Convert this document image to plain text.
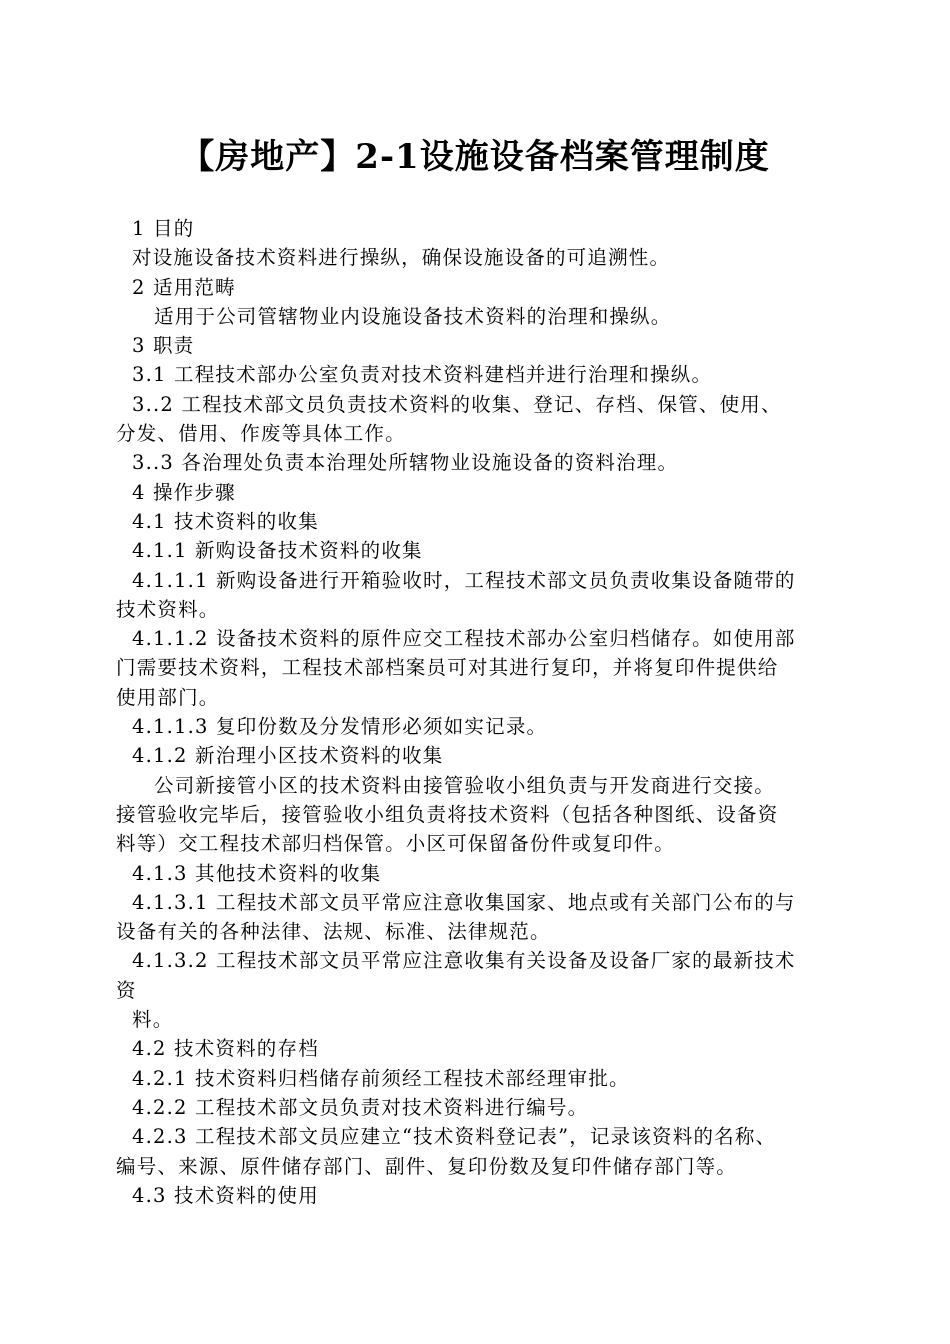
【房地产】2-1设施设备档案管理制度

1 目的

对设施设备技术资料进行操纵，确保设施设备的可追溯性。

2 适用范畴

适用于公司管辖物业内设施设备技术资料的治理和操纵。

3 职责

3.1 工程技术部办公室负责对技术资料建档并进行治理和操纵。

3..2 工程技术部文员负责技术资料的收集、登记、存档、保管、使用、

分发、借用、作废等具体工作。

3..3 各治理处负责本治理处所辖物业设施设备的资料治理。

4 操作步骤

4.1 技术资料的收集

4.1.1 新购设备技术资料的收集

4.1.1.1 新购设备进行开箱验收时，工程技术部文员负责收集设备随带的

技术资料。

4.1.1.2 设备技术资料的原件应交工程技术部办公室归档储存。如使用部

门需要技术资料，工程技术部档案员可对其进行复印，并将复印件提供给

使用部门。

4.1.1.3 复印份数及分发情形必须如实记录。

4.1.2 新治理小区技术资料的收集

公司新接管小区的技术资料由接管验收小组负责与开发商进行交接。

接管验收完毕后，接管验收小组负责将技术资料（包括各种图纸、设备资

料等）交工程技术部归档保管。小区可保留备份件或复印件。

4.1.3 其他技术资料的收集

4.1.3.1 工程技术部文员平常应注意收集国家、地点或有关部门公布的与

设备有关的各种法律、法规、标准、法律规范。

4.1.3.2 工程技术部文员平常应注意收集有关设备及设备厂家的最新技术

资

料。

4.2 技术资料的存档

4.2.1 技术资料归档储存前须经工程技术部经理审批。

4.2.2 工程技术部文员负责对技术资料进行编号。

4.2.3 工程技术部文员应建立“技术资料登记表”，记录该资料的名称、

编号、来源、原件储存部门、副件、复印份数及复印件储存部门等。

4.3 技术资料的使用
